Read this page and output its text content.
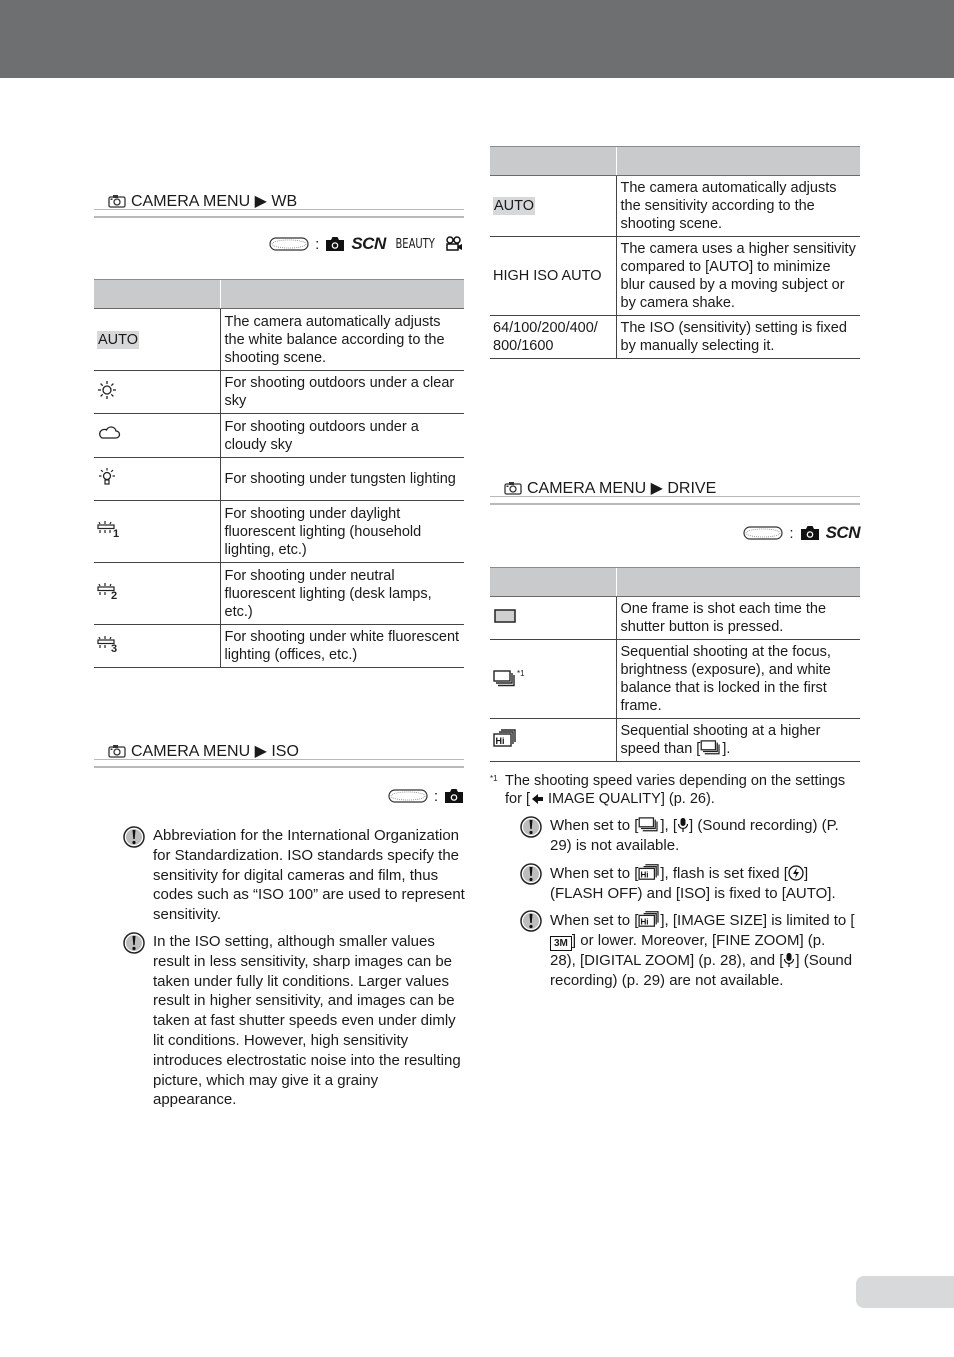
CAMERA MENU ▶ WB
: SCN BEAUTY

AUTO	The camera automatically adjusts the white balance according to the shooting scene.
	For shooting outdoors under a clear sky
	For shooting outdoors under a cloudy sky
	For shooting under tungsten lighting

1	For shooting under daylight fluorescent lighting (household lighting, etc.)

2	For shooting under neutral fluorescent lighting (desk lamps, etc.)

3	For shooting under white fluorescent lighting (offices, etc.)
CAMERA MENU ▶ ISO
:
Abbreviation for the International Organization for Standardization. ISO standards specify the sensitivity for digital cameras and film, thus codes such as “ISO 100” are used to represent sensitivity.
In the ISO setting, although smaller values result in less sensitivity, sharp images can be taken under fully lit conditions. Larger values result in higher sensitivity, and images can be taken at fast shutter speeds even under dimly lit conditions. However, high sensitivity introduces electrostatic noise into the resulting picture, which may give it a grainy appearance.

AUTO	The camera automatically adjusts the sensitivity according to the shooting scene.
HIGH ISO AUTO	The camera uses a higher sensitivity compared to [AUTO] to minimize blur caused by a moving subject or by camera shake.
64/100/200/400/ 800/1600	The ISO (sensitivity) setting is fixed by manually selecting it.
CAMERA MENU ▶ DRIVE
: SCN

	One frame is shot each time the shutter button is pressed.
$^{*1}$	Sequential shooting at the focus, brightness (exposure), and white balance that is locked in the first frame.

Hi	Sequential shooting at a higher speed than [ ].
*1 The shooting speed varies depending on the settings for [ IMAGE QUALITY] (p. 26).
When set to [ ], [ ] (Sound recording) (P. 29) is not available.
When set to [ Hi ], flash is set fixed [ ] (FLASH OFF) and [ISO] is fixed to [AUTO].
When set to [ Hi ], [IMAGE SIZE] is limited to [3M ] or lower. Moreover, [FINE ZOOM] (p. 28), [DIGITAL ZOOM] (p. 28), and [ ] (Sound recording) (p. 29) are not available.
